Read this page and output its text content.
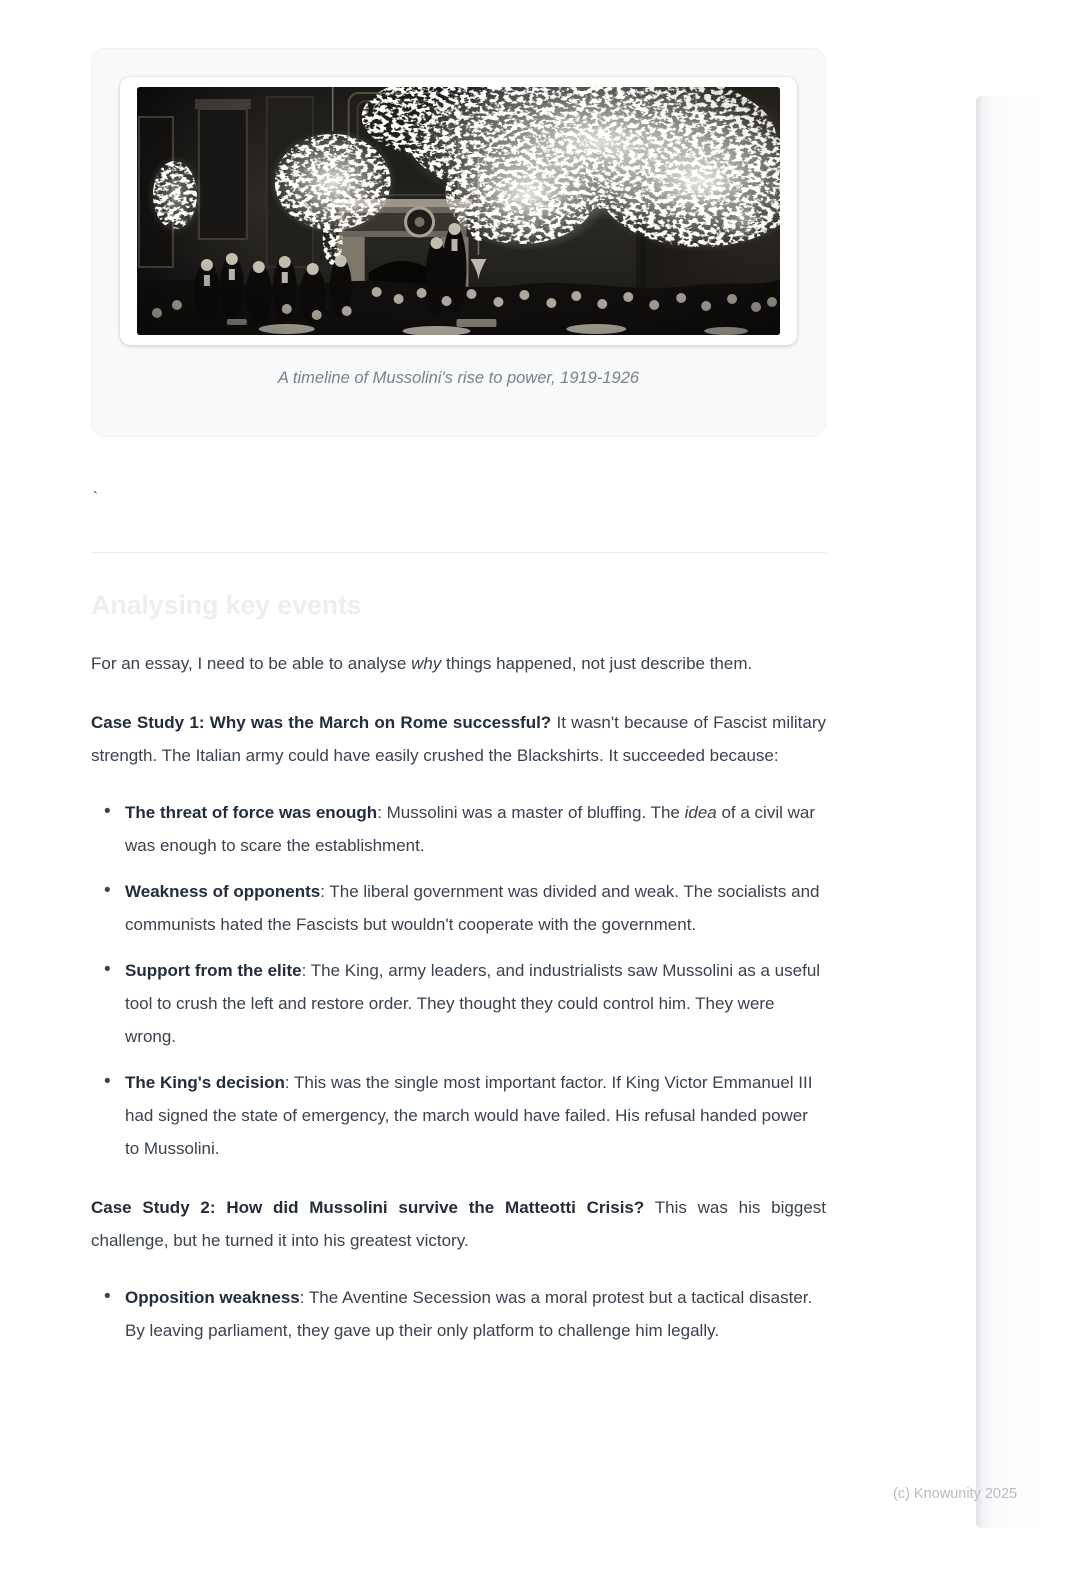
A timeline of Mussolini's rise to power, 1919-1926

`

Analysing key events

For an essay, I need to be able to analyse why things happened, not just describe them.

Case Study 1: Why was the March on Rome successful? It wasn't because of Fascist military strength. The Italian army could have easily crushed the Blackshirts. It succeeded because:

• The threat of force was enough: Mussolini was a master of bluffing. The idea of a civil war was enough to scare the establishment.
• Weakness of opponents: The liberal government was divided and weak. The socialists and communists hated the Fascists but wouldn't cooperate with the government.
• Support from the elite: The King, army leaders, and industrialists saw Mussolini as a useful tool to crush the left and restore order. They thought they could control him. They were wrong.
• The King's decision: This was the single most important factor. If King Victor Emmanuel III had signed the state of emergency, the march would have failed. His refusal handed power to Mussolini.

Case Study 2: How did Mussolini survive the Matteotti Crisis? This was his biggest challenge, but he turned it into his greatest victory.

• Opposition weakness: The Aventine Secession was a moral protest but a tactical disaster. By leaving parliament, they gave up their only platform to challenge him legally.
(c) Knowunity 2025
